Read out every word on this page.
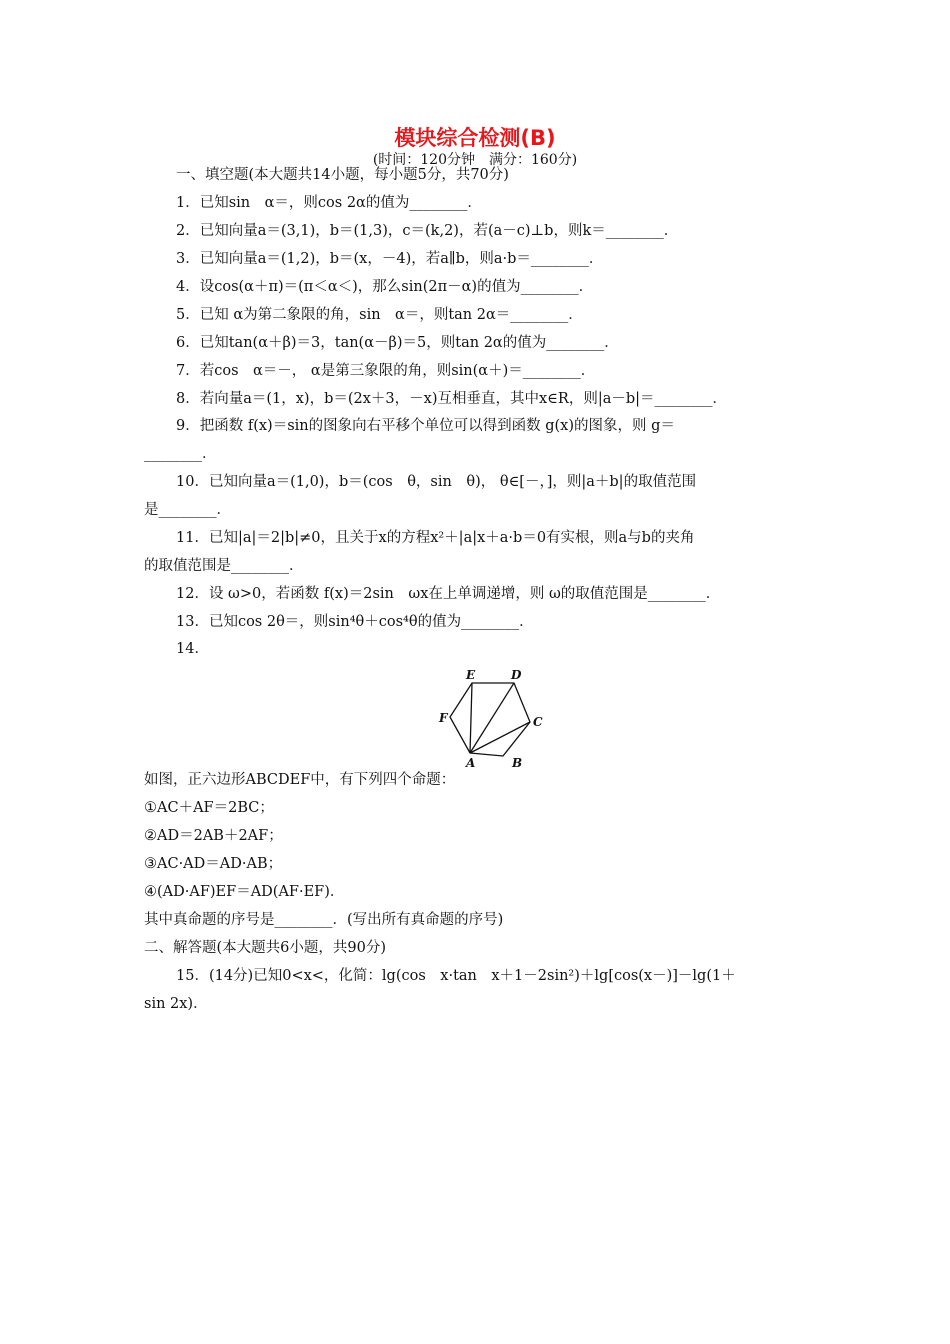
模块综合检测(B)
(时间：120分钟　满分：160分)
一、填空题(本大题共14小题，每小题5分，共70分)
1．已知sin　α＝，则cos 2α的值为________．
2．已知向量a＝(3,1)，b＝(1,3)，c＝(k,2)，若(a－c)⊥b，则k＝________．
3．已知向量a＝(1,2)，b＝(x，－4)，若a∥b，则a·b＝________．
4．设cos(α＋π)＝(π＜α＜)，那么sin(2π－α)的值为________．
5．已知 α为第二象限的角，sin　α＝，则tan 2α＝________．
6．已知tan(α＋β)＝3，tan(α－β)＝5，则tan 2α的值为________．
7．若cos　α＝－， α是第三象限的角，则sin(α＋)＝________．
8．若向量a＝(1，x)，b＝(2x＋3，－x)互相垂直，其中x∈R，则|a－b|＝________．
9．把函数 f(x)＝sin的图象向右平移个单位可以得到函数 g(x)的图象，则 g＝
________．
10．已知向量a＝(1,0)，b＝(cos　θ，sin　θ)， θ∈[－，]，则|a＋b|的取值范围
是________．
11．已知|a|＝2|b|≠0，且关于x的方程x²＋|a|x＋a·b＝0有实根，则a与b的夹角
的取值范围是________．
12．设 ω>0，若函数 f(x)＝2sin　ωx在上单调递增，则 ω的取值范围是________．
13．已知cos 2θ＝，则sin⁴θ＋cos⁴θ的值为________．
14．
A	B
C
D
E
F
如图，正六边形ABCDEF中，有下列四个命题：
①AC＋AF＝2BC；
②AD＝2AB＋2AF；
③AC·AD＝AD·AB；
④(AD·AF)EF＝AD(AF·EF)．
其中真命题的序号是________．(写出所有真命题的序号)
二、解答题(本大题共6小题，共90分)
15．(14分)已知0<x<，化简：lg(cos　x·tan　x＋1－2sin²)＋lg[cos(x－)]－lg(1＋
sin 2x)．
